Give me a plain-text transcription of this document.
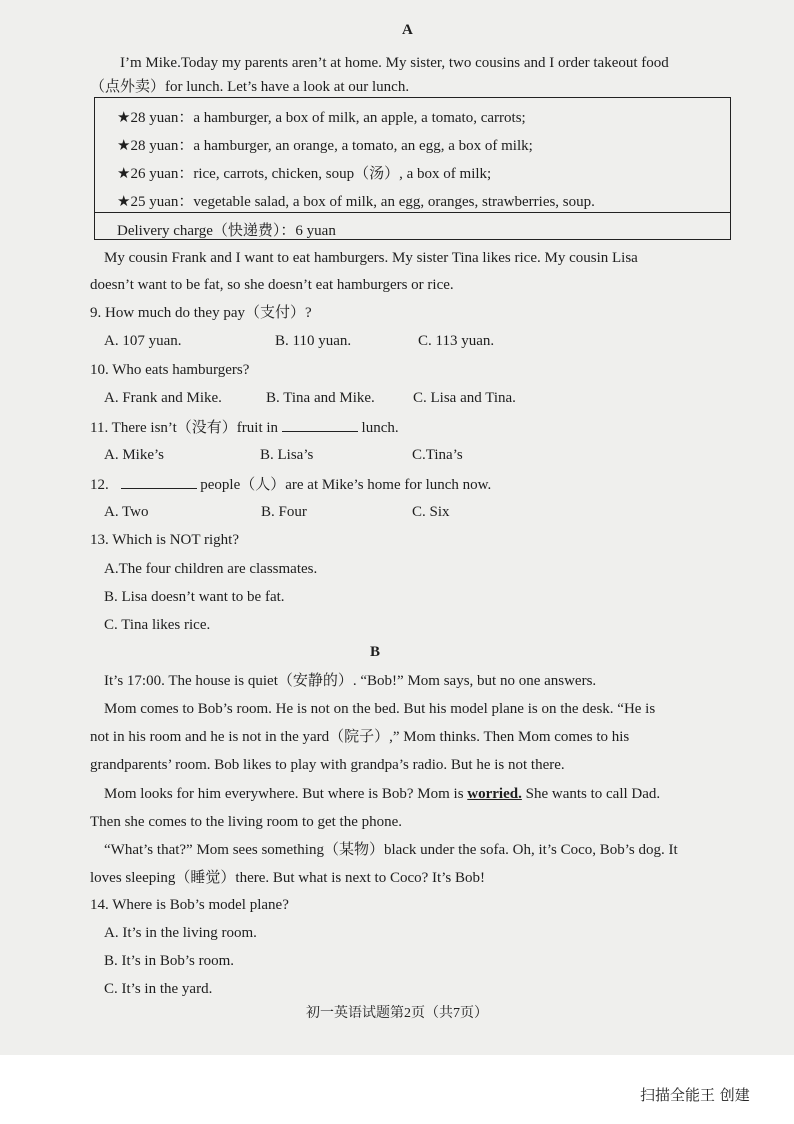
A
I’m Mike.Today my parents aren’t at home. My sister, two cousins and I order takeout food
（点外卖）for lunch. Let’s have a look at our lunch.
★28 yuan：a hamburger, a box of milk, an apple, a tomato, carrots;
★28 yuan：a hamburger, an orange, a tomato, an egg, a box of milk;
★26 yuan：rice, carrots, chicken, soup（汤）, a box of milk;
★25 yuan：vegetable salad, a box of milk, an egg, oranges, strawberries, soup.
Delivery charge（快递费）：6 yuan
My cousin Frank and I want to eat hamburgers. My sister Tina likes rice. My cousin Lisa
doesn’t want to be fat, so she doesn’t eat hamburgers or rice.
9. How much do they pay（支付）?
A. 107 yuan.	B. 110 yuan.	C. 113 yuan.
10. Who eats hamburgers?
A. Frank and Mike.	B. Tina and Mike.	C. Lisa and Tina.
11. There isn’t（没有）fruit in	lunch.
A. Mike’s	B. Lisa’s	C.Tina’s
12.	people（人）are at Mike’s home for lunch now.
A. Two	B. Four	C. Six
13. Which is NOT right?
A.The four children are classmates.
B. Lisa doesn’t want to be fat.
C. Tina likes rice.
B
It’s 17:00. The house is quiet（安静的）. “Bob!” Mom says, but no one answers.
Mom comes to Bob’s room. He is not on the bed. But his model plane is on the desk. “He is
not in his room and he is not in the yard（院子）,” Mom thinks. Then Mom comes to his
grandparents’ room. Bob likes to play with grandpa’s radio. But he is not there.
Mom looks for him everywhere. But where is Bob? Mom is worried. She wants to call Dad.
Then she comes to the living room to get the phone.
“What’s that?” Mom sees something（某物）black under the sofa. Oh, it’s Coco, Bob’s dog. It
loves sleeping（睡觉）there. But what is next to Coco? It’s Bob!
14. Where is Bob’s model plane?
A. It’s in the living room.
B. It’s in Bob’s room.
C. It’s in the yard.
初一英语试题第2页（共7页）
扫描全能王 创建
